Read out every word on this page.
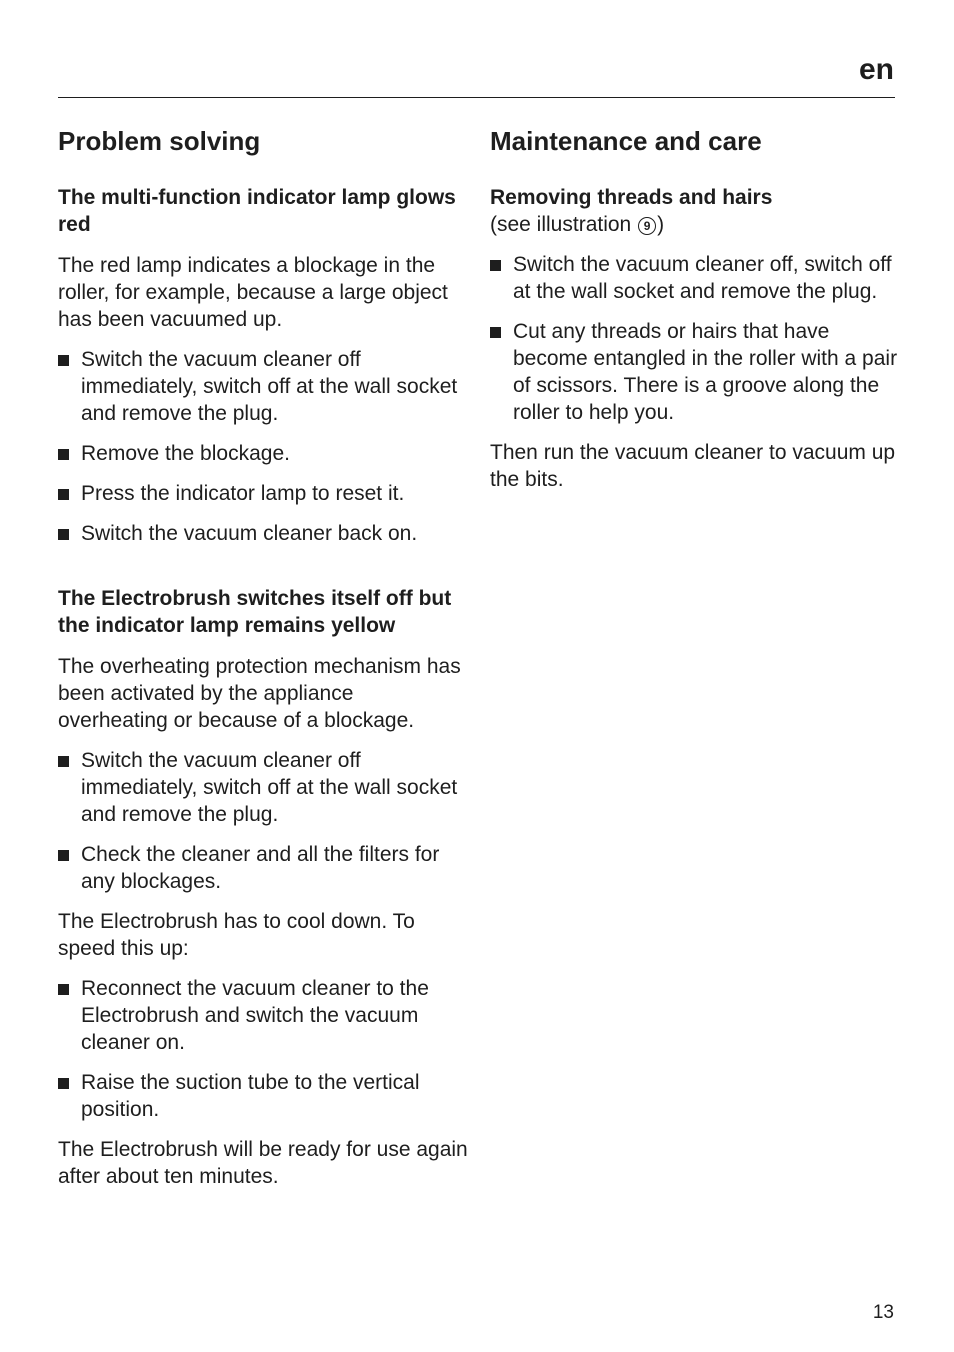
en
Problem solving
The multi-function indicator lamp glows red

The red lamp indicates a blockage in the roller, for example, because a large object has been vacuumed up.

Switch the vacuum cleaner off immediately, switch off at the wall socket and remove the plug.
Remove the blockage.
Press the indicator lamp to reset it.
Switch the vacuum cleaner back on.
The Electrobrush switches itself off but the indicator lamp remains yellow

The overheating protection mechanism has been activated by the appliance overheating or because of a blockage.

Switch the vacuum cleaner off immediately, switch off at the wall socket and remove the plug.
Check the cleaner and all the filters for any blockages.

The Electrobrush has to cool down. To speed this up:

Reconnect the vacuum cleaner to the Electrobrush and switch the vacuum cleaner on.
Raise the suction tube to the vertical position.

The Electrobrush will be ready for use again after about ten minutes.

Maintenance and care
Removing threads and hairs
(see illustration 9 )
Switch the vacuum cleaner off, switch off at the wall socket and remove the plug.
Cut any threads or hairs that have become entangled in the roller with a pair of scissors. There is a groove along the roller to help you.

Then run the vacuum cleaner to vacuum up the bits.

13
